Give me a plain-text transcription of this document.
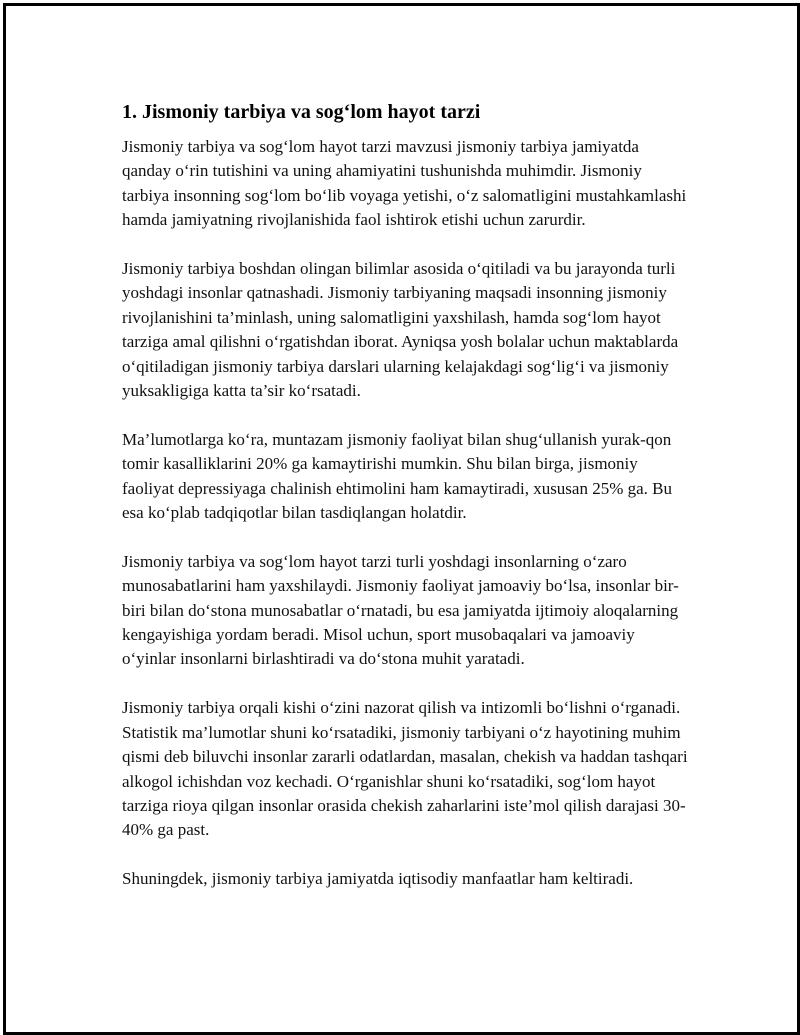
1. Jismoniy tarbiya va sog‘lom hayot tarzi

Jismoniy tarbiya va sog‘lom hayot tarzi mavzusi jismoniy tarbiya jamiyatda qanday o‘rin tutishini va uning ahamiyatini tushunishda muhimdir. Jismoniy tarbiya insonning sog‘lom bo‘lib voyaga yetishi, o‘z salomatligini mustahkamlashi hamda jamiyatning rivojlanishida faol ishtirok etishi uchun zarurdir.

Jismoniy tarbiya boshdan olingan bilimlar asosida o‘qitiladi va bu jarayonda turli yoshdagi insonlar qatnashadi. Jismoniy tarbiyaning maqsadi insonning jismoniy rivojlanishini ta’minlash, uning salomatligini yaxshilash, hamda sog‘lom hayot tarziga amal qilishni o‘rgatishdan iborat. Ayniqsa yosh bolalar uchun maktablarda o‘qitiladigan jismoniy tarbiya darslari ularning kelajakdagi sog‘lig‘i va jismoniy yuksakligiga katta ta’sir ko‘rsatadi.

Ma’lumotlarga ko‘ra, muntazam jismoniy faoliyat bilan shug‘ullanish yurak-qon tomir kasalliklarini 20% ga kamaytirishi mumkin. Shu bilan birga, jismoniy faoliyat depressiyaga chalinish ehtimolini ham kamaytiradi, xususan 25% ga. Bu esa ko‘plab tadqiqotlar bilan tasdiqlangan holatdir.

Jismoniy tarbiya va sog‘lom hayot tarzi turli yoshdagi insonlarning o‘zaro munosabatlarini ham yaxshilaydi. Jismoniy faoliyat jamoaviy bo‘lsa, insonlar bir-biri bilan do‘stona munosabatlar o‘rnatadi, bu esa jamiyatda ijtimoiy aloqalarning kengayishiga yordam beradi. Misol uchun, sport musobaqalari va jamoaviy o‘yinlar insonlarni birlashtiradi va do‘stona muhit yaratadi.

Jismoniy tarbiya orqali kishi o‘zini nazorat qilish va intizomli bo‘lishni o‘rganadi. Statistik ma’lumotlar shuni ko‘rsatadiki, jismoniy tarbiyani o‘z hayotining muhim qismi deb biluvchi insonlar zararli odatlardan, masalan, chekish va haddan tashqari alkogol ichishdan voz kechadi. O‘rganishlar shuni ko‘rsatadiki, sog‘lom hayot tarziga rioya qilgan insonlar orasida chekish zaharlarini iste’mol qilish darajasi 30-40% ga past.

Shuningdek, jismoniy tarbiya jamiyatda iqtisodiy manfaatlar ham keltiradi.
